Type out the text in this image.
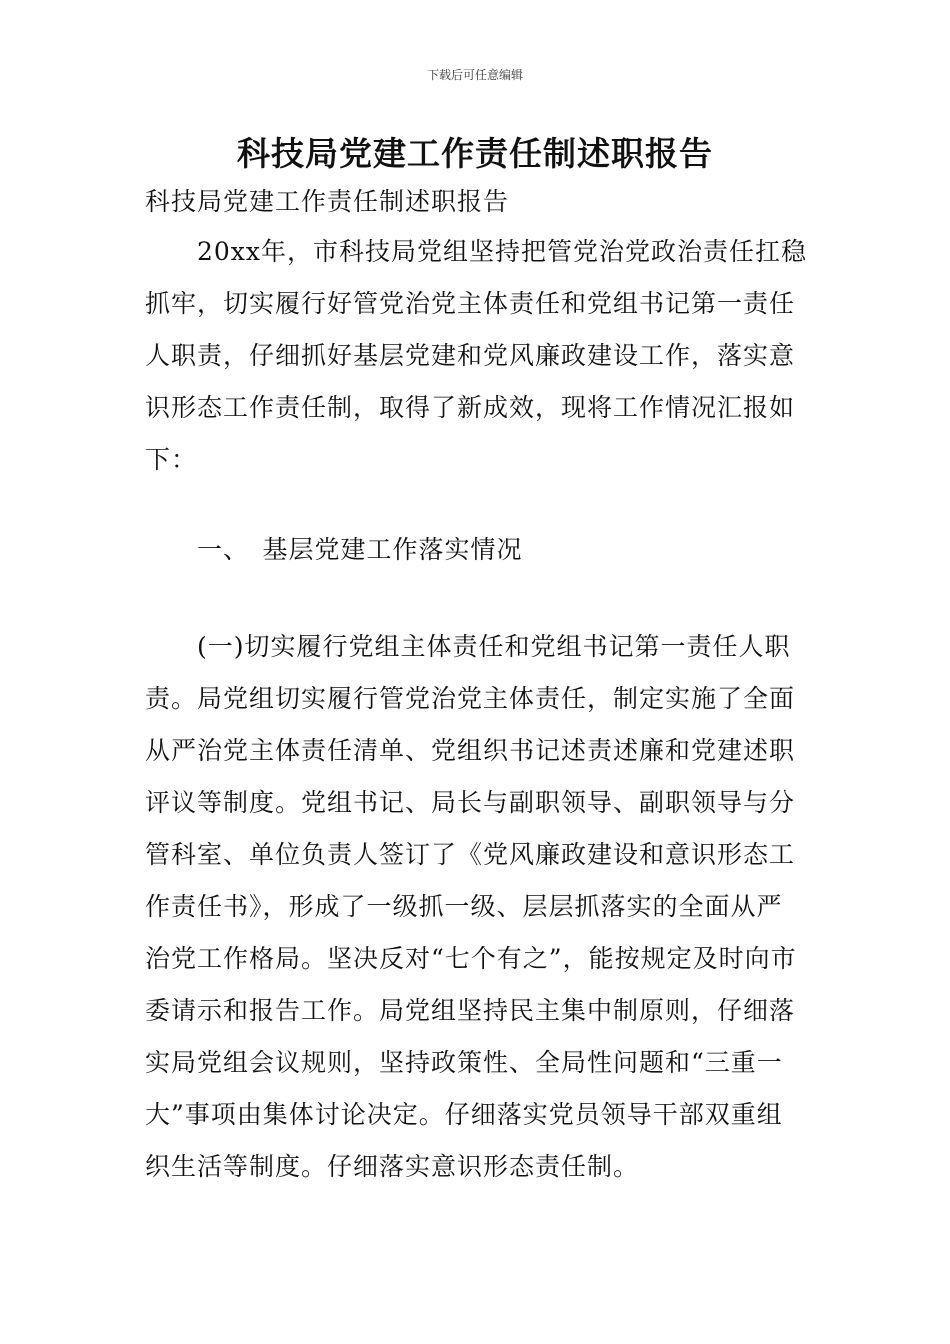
下载后可任意编辑
科技局党建工作责任制述职报告

科技局党建工作责任制述职报告

20xx年，市科技局党组坚持把管党治党政治责任扛稳抓牢，切实履行好管党治党主体责任和党组书记第一责任人职责，仔细抓好基层党建和党风廉政建设工作，落实意识形态工作责任制，取得了新成效，现将工作情况汇报如下：

一、　基层党建工作落实情况

(一)切实履行党组主体责任和党组书记第一责任人职责。局党组切实履行管党治党主体责任，制定实施了全面从严治党主体责任清单、党组织书记述责述廉和党建述职评议等制度。党组书记、局长与副职领导、副职领导与分管科室、单位负责人签订了《党风廉政建设和意识形态工作责任书》，形成了一级抓一级、层层抓落实的全面从严治党工作格局。坚决反对“七个有之”，能按规定及时向市委请示和报告工作。局党组坚持民主集中制原则，仔细落实局党组会议规则，坚持政策性、全局性问题和“三重一大”事项由集体讨论决定。仔细落实党员领导干部双重组织生活等制度。仔细落实意识形态责任制。
